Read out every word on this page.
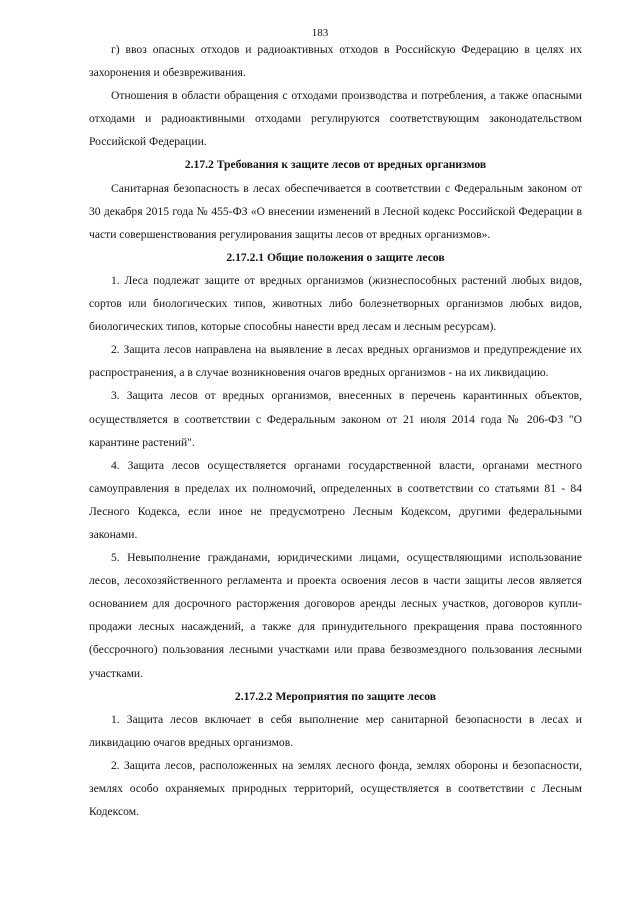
183

г) ввоз опасных отходов и радиоактивных отходов в Российскую Федерацию в целях их захоронения и обезвреживания.

Отношения в области обращения с отходами производства и потребления, а также опасными отходами и радиоактивными отходами регулируются соответствующим законодательством Российской Федерации.

2.17.2 Требования к защите лесов от вредных организмов

Санитарная безопасность в лесах обеспечивается в соответствии с Федеральным законом от 30 декабря 2015 года № 455-ФЗ «О внесении изменений в Лесной кодекс Российской Федерации в части совершенствования регулирования защиты лесов от вредных организмов».

2.17.2.1 Общие положения о защите лесов

1. Леса подлежат защите от вредных организмов (жизнеспособных растений любых видов, сортов или биологических типов, животных либо болезнетворных организмов любых видов, биологических типов, которые способны нанести вред лесам и лесным ресурсам).

2. Защита лесов направлена на выявление в лесах вредных организмов и предупреждение их распространения, а в случае возникновения очагов вредных организмов - на их ликвидацию.

3. Защита лесов от вредных организмов, внесенных в перечень карантинных объектов, осуществляется в соответствии с Федеральным законом от 21 июля 2014 года № 206-ФЗ "О карантине растений".

4. Защита лесов осуществляется органами государственной власти, органами местного самоуправления в пределах их полномочий, определенных в соответствии со статьями 81 - 84 Лесного Кодекса, если иное не предусмотрено Лесным Кодексом, другими федеральными законами.

5. Невыполнение гражданами, юридическими лицами, осуществляющими использование лесов, лесохозяйственного регламента и проекта освоения лесов в части защиты лесов является основанием для досрочного расторжения договоров аренды лесных участков, договоров купли-продажи лесных насаждений, а также для принудительного прекращения права постоянного (бессрочного) пользования лесными участками или права безвозмездного пользования лесными участками.

2.17.2.2 Мероприятия по защите лесов

1. Защита лесов включает в себя выполнение мер санитарной безопасности в лесах и ликвидацию очагов вредных организмов.

2. Защита лесов, расположенных на землях лесного фонда, землях обороны и безопасности, землях особо охраняемых природных территорий, осуществляется в соответствии с Лесным Кодексом.
